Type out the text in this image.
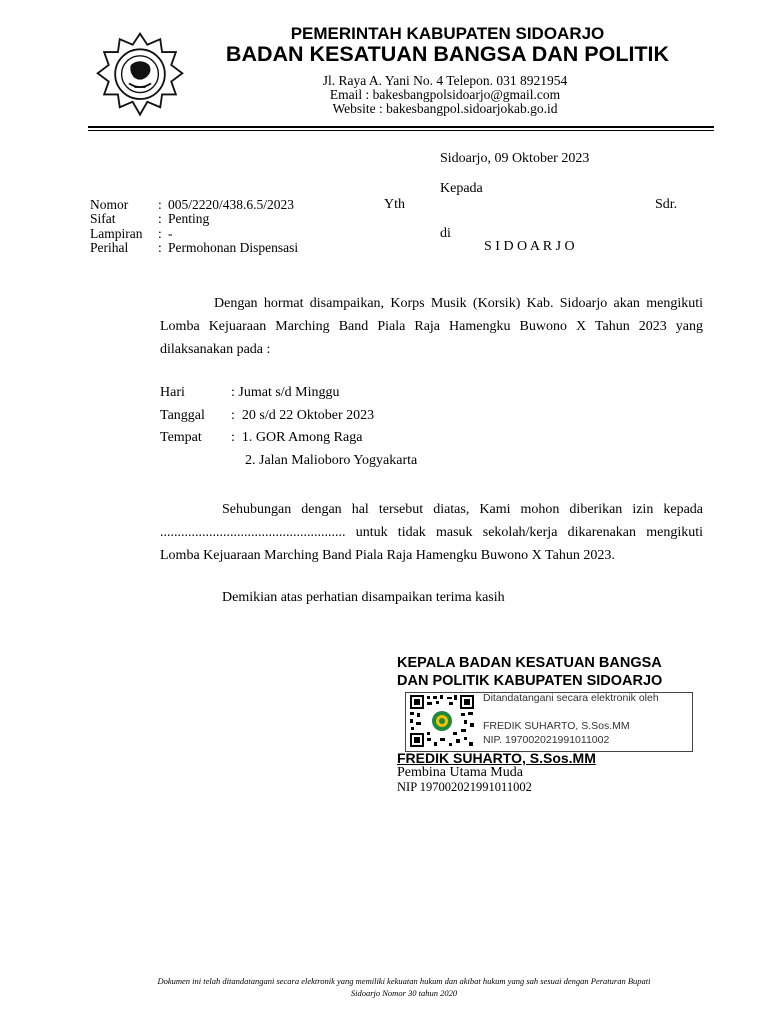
PEMERINTAH KABUPATEN SIDOARJO
BADAN KESATUAN BANGSA DAN POLITIK
Jl. Raya A. Yani No. 4 Telepon. 031 8921954
Email : bakesbangpolsidoarjo@gmail.com
Website : bakesbangpol.sidoarjokab.go.id
Sidoarjo, 09 Oktober 2023
Kepada
Yth	Sdr.
di
S I D O A R J O
Nomor
Sifat
Lampiran
Perihal
:
:
:
:
005/2220/438.6.5/2023
Penting
-
Permohonan Dispensasi
Dengan hormat disampaikan, Korps Musik (Korsik) Kab. Sidoarjo akan mengikuti Lomba Kejuaraan Marching Band Piala Raja Hamengku Buwono X Tahun 2023 yang dilaksanakan pada :
Hari	: Jumat s/d Minggu
Tanggal :  20 s/d 22 Oktober 2023
Tempat :  1. GOR Among Raga
2. Jalan Malioboro Yogyakarta
Sehubungan dengan hal tersebut diatas, Kami mohon diberikan izin kepada ..................................................... untuk tidak masuk sekolah/kerja dikarenakan mengikuti Lomba Kejuaraan Marching Band Piala Raja Hamengku Buwono X Tahun 2023.
Demikian atas perhatian disampaikan terima kasih
KEPALA BADAN KESATUAN BANGSA
DAN POLITIK KABUPATEN SIDOARJO
Ditandatangani secara elektronik oleh
FREDIK SUHARTO, S.Sos.MM
NIP. 197002021991011002
FREDIK SUHARTO, S.Sos.MM
Pembina Utama Muda
NIP 197002021991011002
Dokumen ini telah ditandatangani secara elektronik yang memiliki kekuatan hukum dan akibat hukum yang sah sesuai dengan Peraturan Bupati
Sidoarjo Nomor 30 tahun 2020
